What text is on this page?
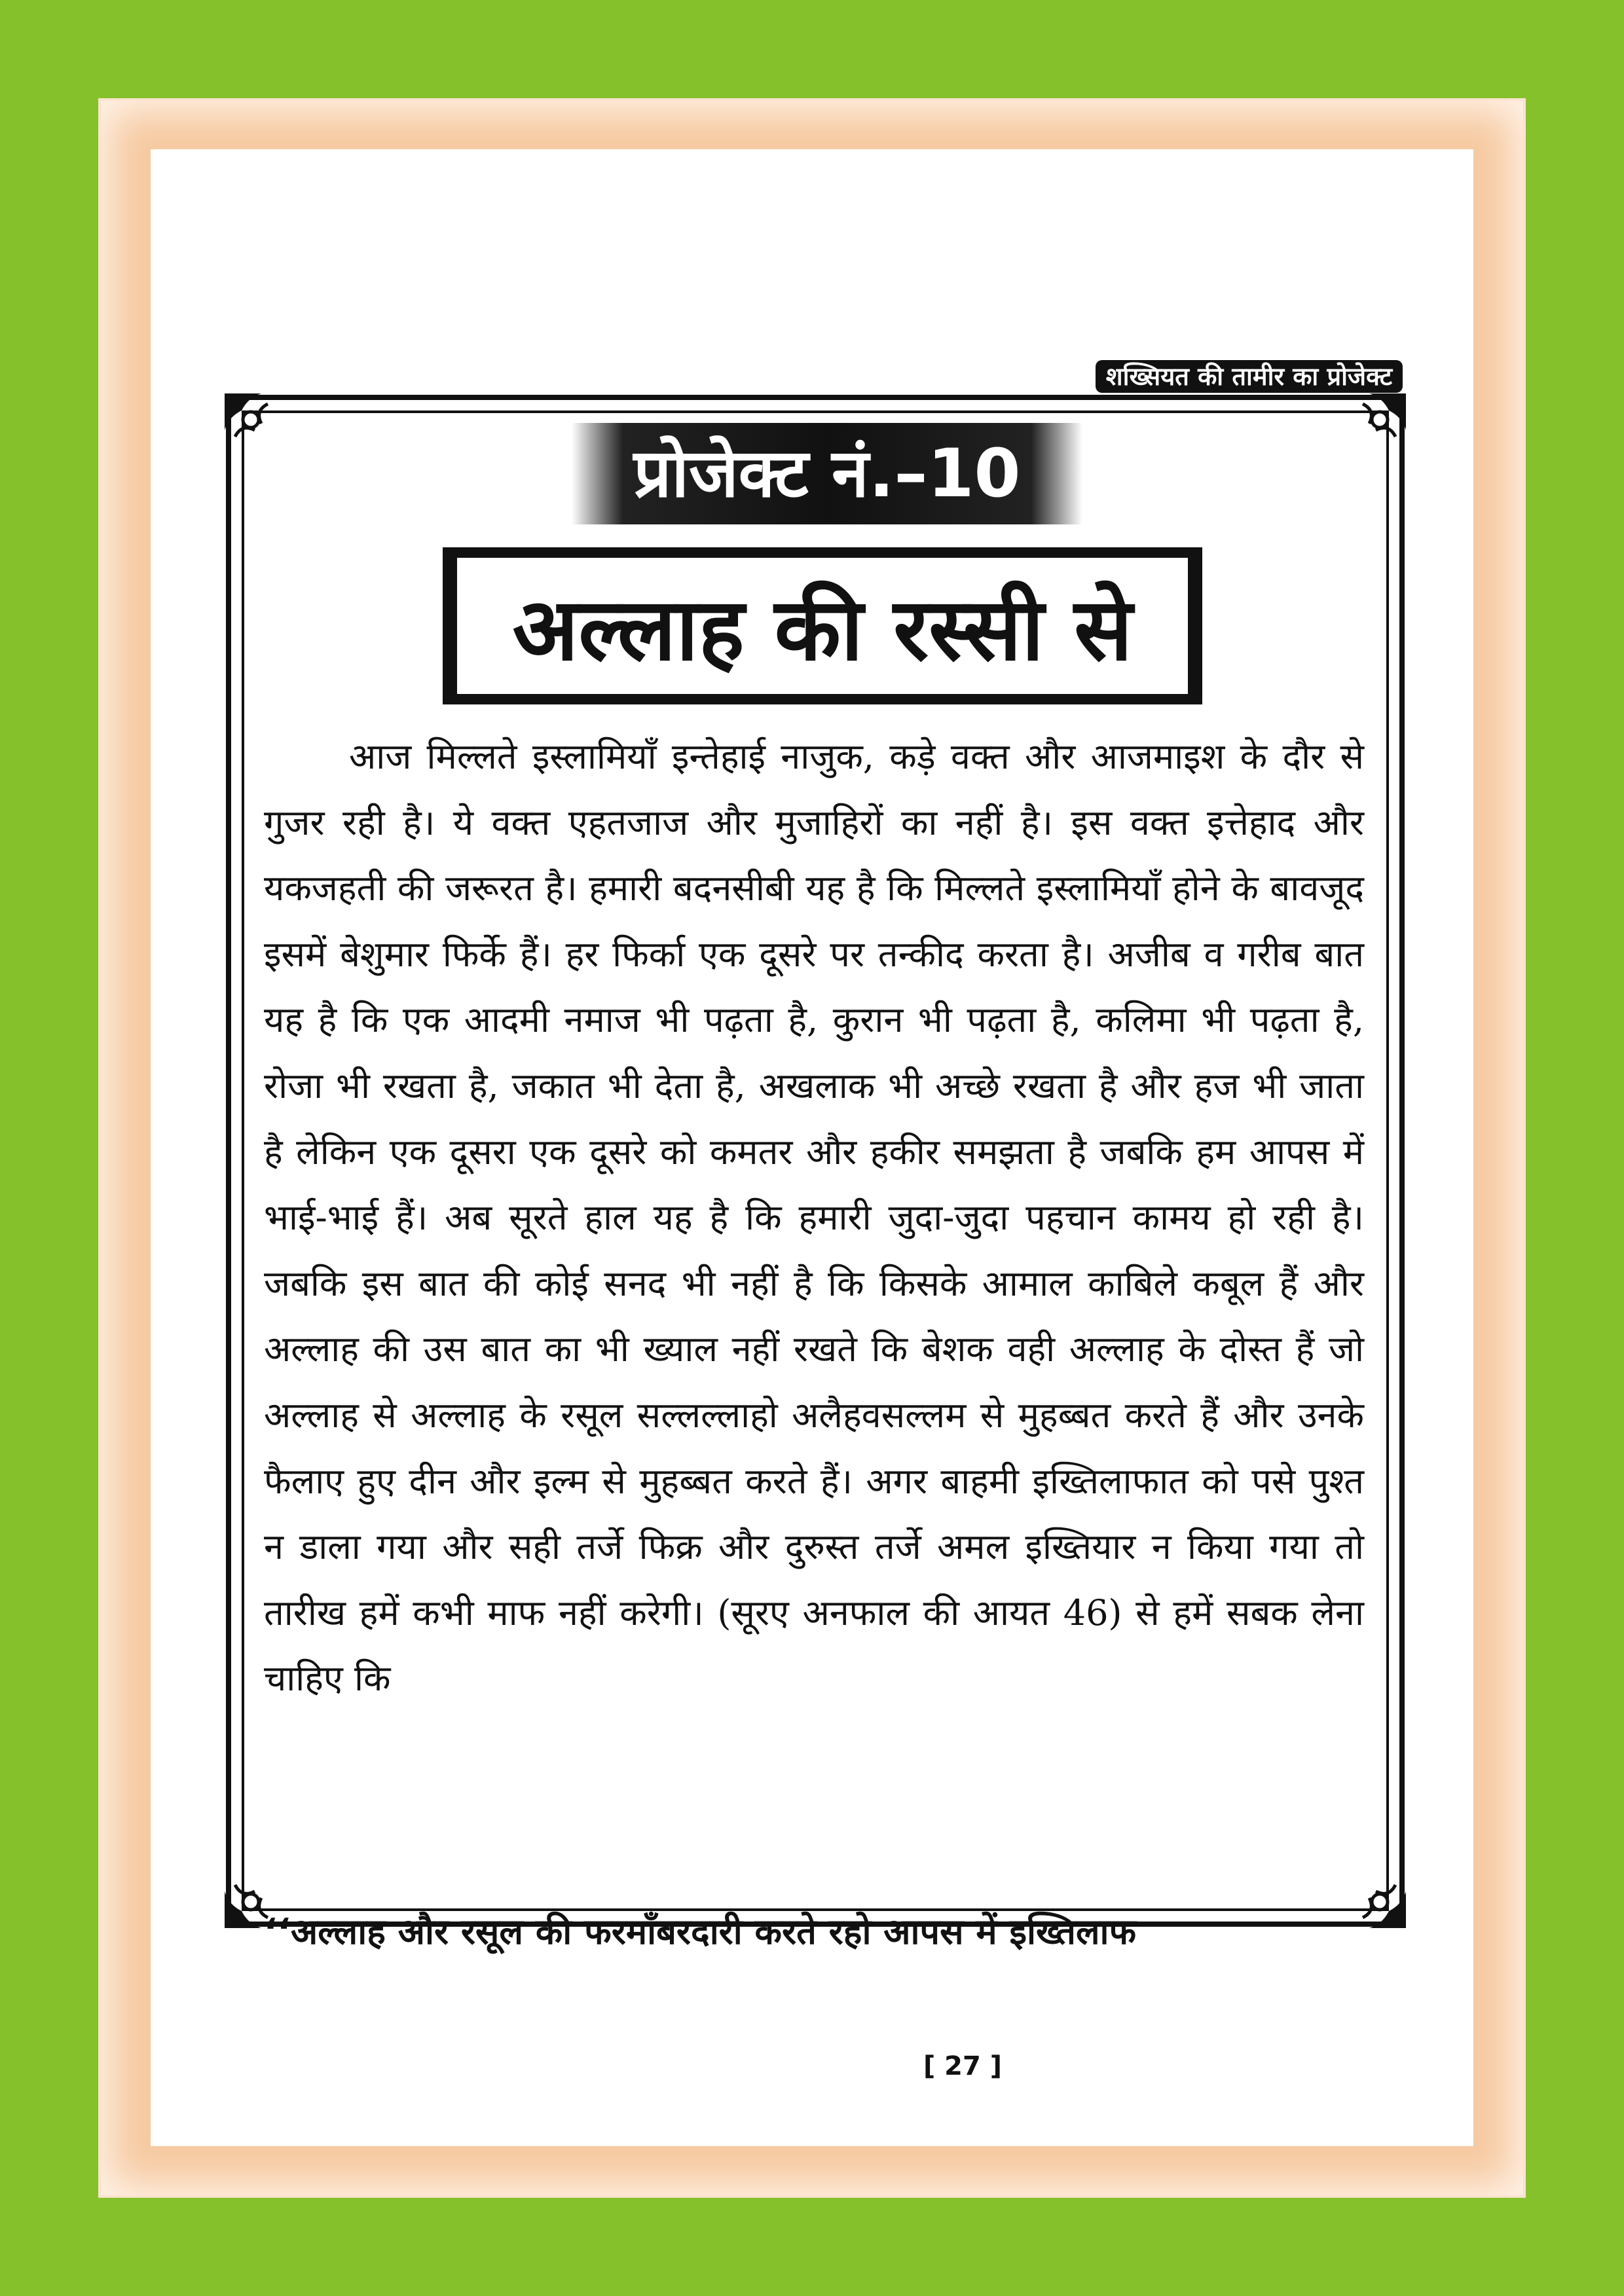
शख्सियत की तामीर का प्रोजेक्ट
प्रोजेक्ट नं.–10
अल्लाह की रस्सी से

आज मिल्लते इस्लामियाँ इन्तेहाई नाजुक, कड़े वक्त और आजमाइश के दौर से गुजर रही है। ये वक्त एहतजाज और मुजाहिरों का नहीं है। इस वक्त इत्तेहाद और यकजहती की जरूरत है। हमारी बदनसीबी यह है कि मिल्लते इस्लामियाँ होने के बावजूद इसमें बेशुमार फिर्के हैं। हर फिर्का एक दूसरे पर तन्कीद करता है। अजीब व गरीब बात यह है कि एक आदमी नमाज भी पढ़ता है, कुरान भी पढ़ता है, कलिमा भी पढ़ता है, रोजा भी रखता है, जकात भी देता है, अखलाक भी अच्छे रखता है और हज भी जाता है लेकिन एक दूसरा एक दूसरे को कमतर और हकीर समझता है जबकि हम आपस में भाई-भाई हैं। अब सूरते हाल यह है कि हमारी जुदा-जुदा पहचान कामय हो रही है। जबकि इस बात की कोई सनद भी नहीं है कि किसके आमाल काबिले कबूल हैं और अल्लाह की उस बात का भी ख्याल नहीं रखते कि बेशक वही अल्लाह के दोस्त हैं जो अल्लाह से अल्लाह के रसूल सल्लल्लाहो अलैहवसल्लम से मुहब्बत करते हैं और उनके फैलाए हुए दीन और इल्म से मुहब्बत करते हैं। अगर बाहमी इख्तिलाफात को पसे पुश्त न डाला गया और सही तर्जे फिक्र और दुरुस्त तर्जे अमल इख्तियार न किया गया तो तारीख हमें कभी माफ नहीं करेगी। (सूरए अनफाल की आयत 46) से हमें सबक लेना चाहिए कि

‘‘अल्लाह और रसूल की फरमाँबरदारी करते रहो आपस में इख्तिलाफ
[ 27 ]
